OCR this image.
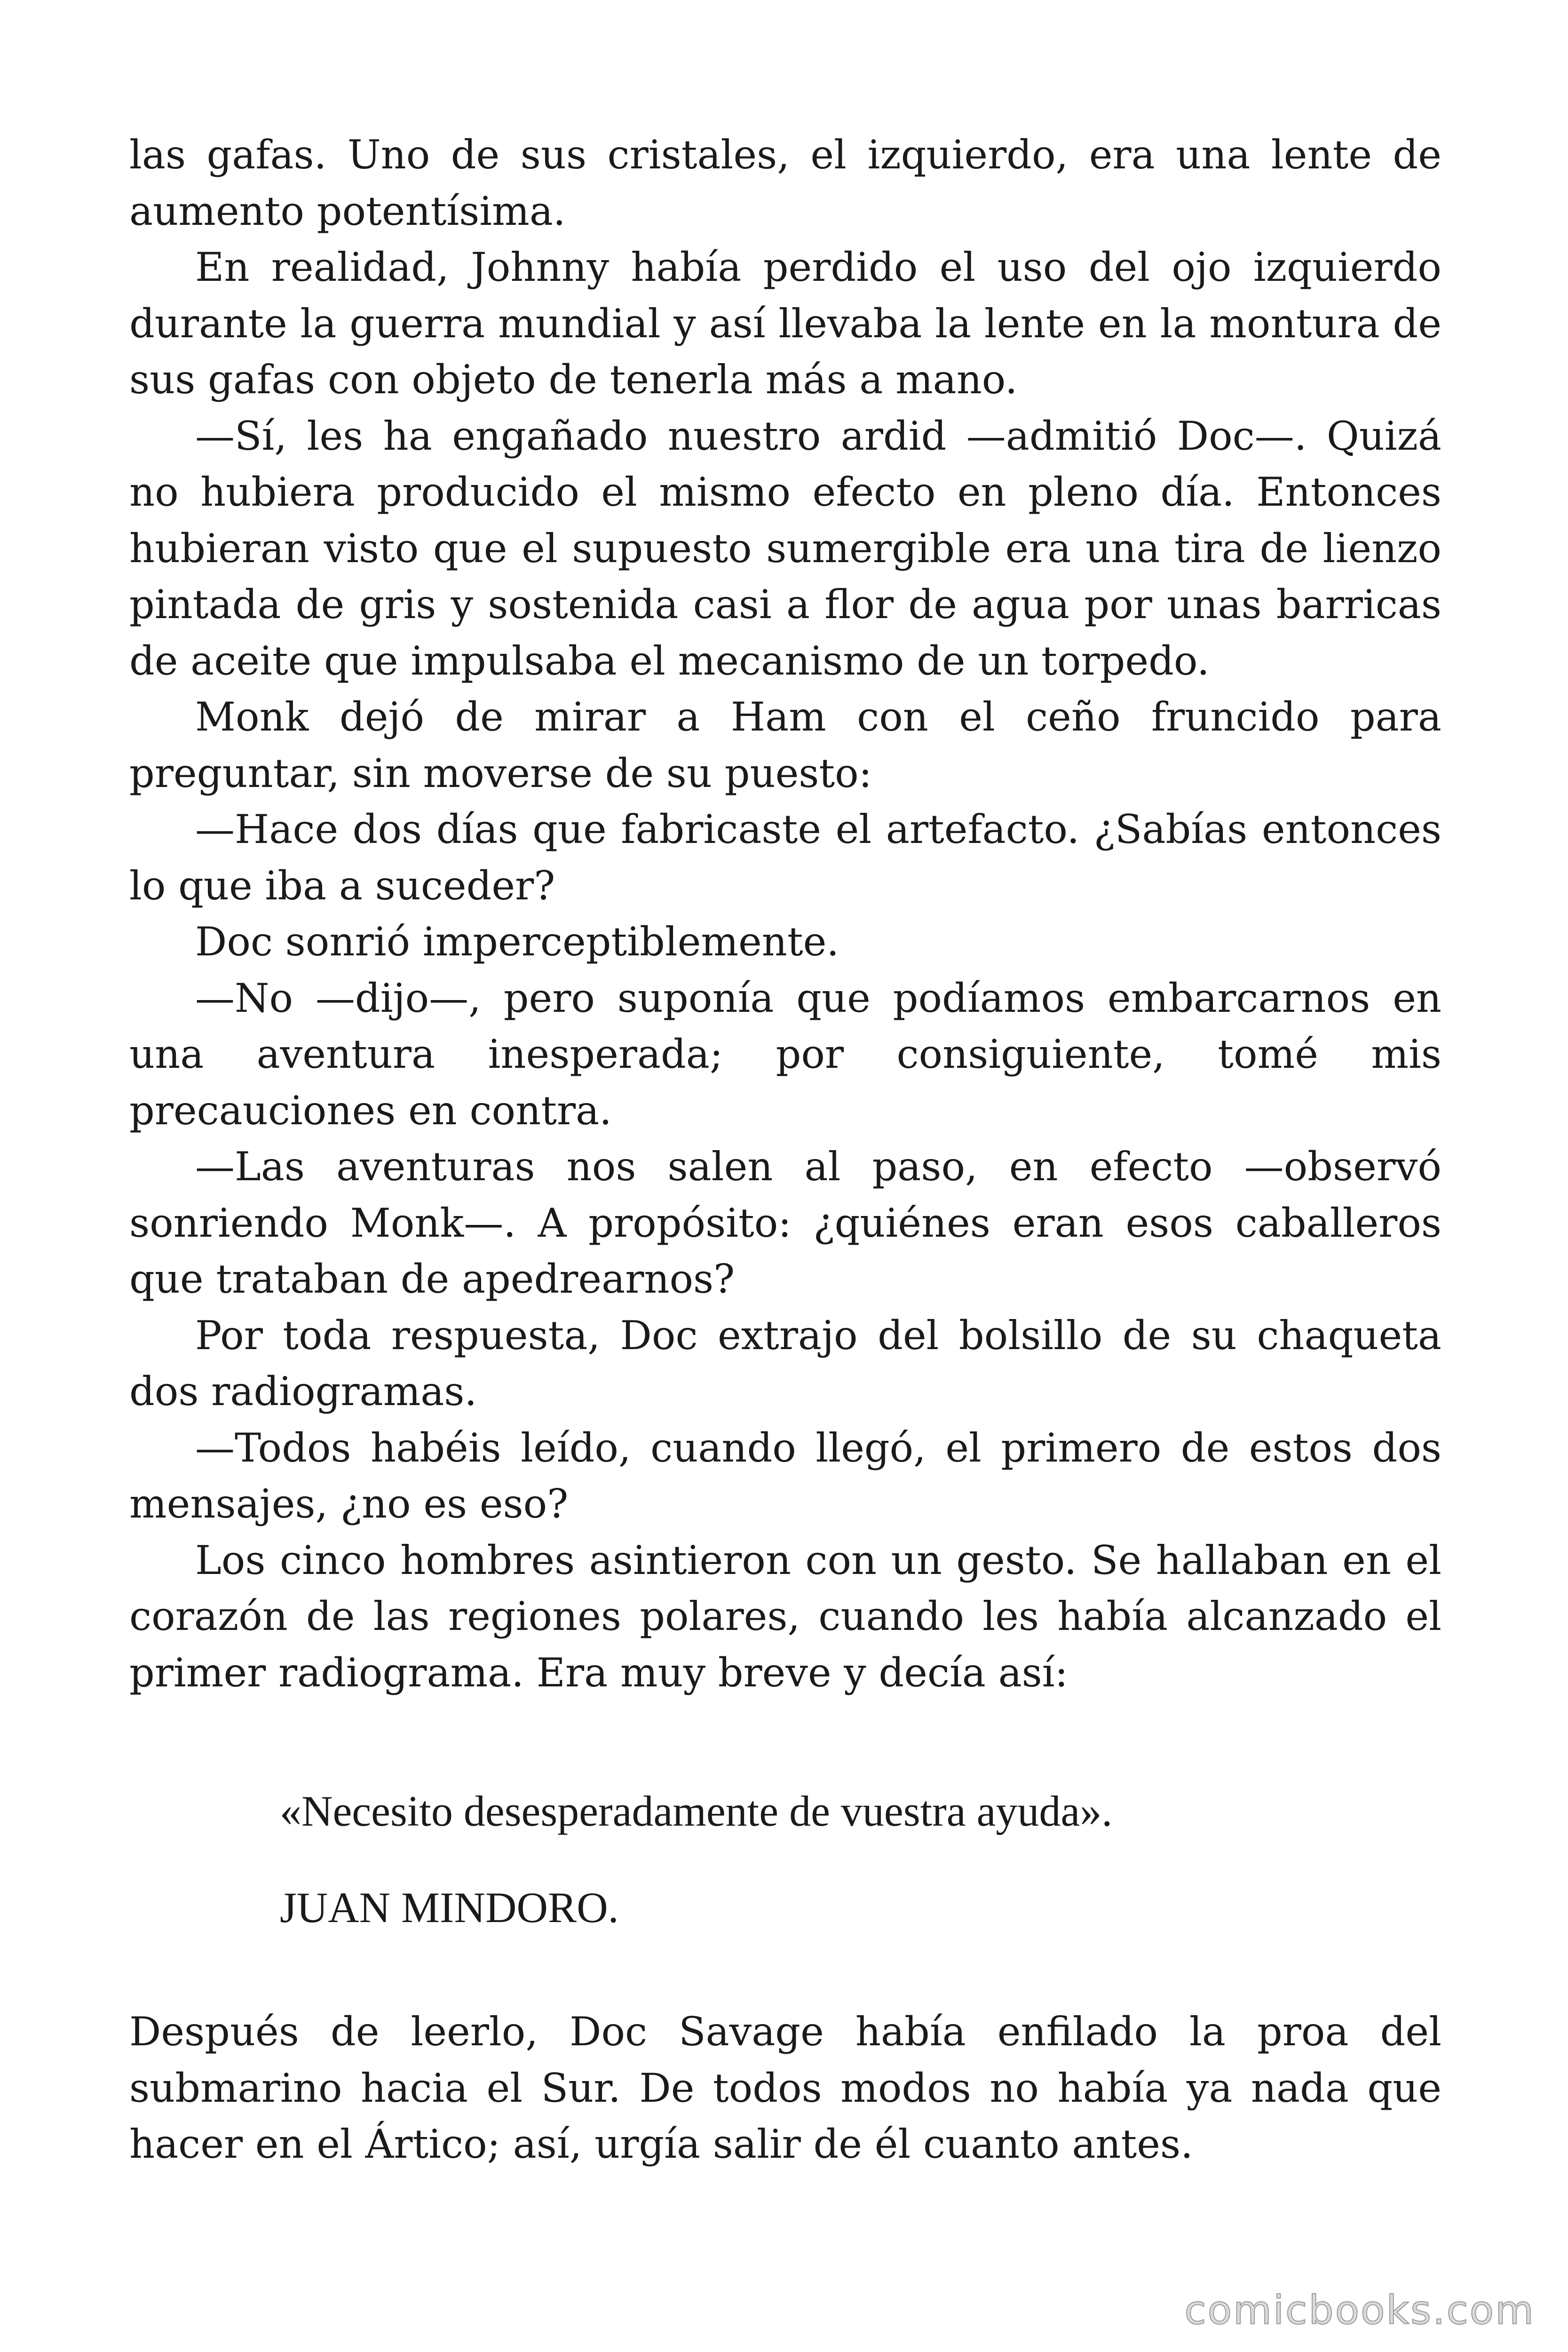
las gafas. Uno de sus cristales, el izquierdo, era una lente de aumento potentísima.

En realidad, Johnny había perdido el uso del ojo izquierdo durante la guerra mundial y así llevaba la lente en la montura de sus gafas con objeto de tenerla más a mano.

—Sí, les ha engañado nuestro ardid —admitió Doc—. Quizá no hubiera producido el mismo efecto en pleno día. Entonces hubieran visto que el supuesto sumergible era una tira de lienzo pintada de gris y sostenida casi a flor de agua por unas barricas de aceite que impulsaba el mecanismo de un torpedo.

Monk dejó de mirar a Ham con el ceño fruncido para preguntar, sin moverse de su puesto:

—Hace dos días que fabricaste el artefacto. ¿Sabías entonces lo que iba a suceder?

Doc sonrió imperceptiblemente.

—No —dijo—, pero suponía que podíamos embarcarnos en una aventura inesperada; por consiguiente, tomé mis precauciones en contra.

—Las aventuras nos salen al paso, en efecto —observó sonriendo Monk—. A propósito: ¿quiénes eran esos caballeros que trataban de apedrearnos?

Por toda respuesta, Doc extrajo del bolsillo de su chaqueta dos radiogramas.

—Todos habéis leído, cuando llegó, el primero de estos dos mensajes, ¿no es eso?

Los cinco hombres asintieron con un gesto. Se hallaban en el corazón de las regiones polares, cuando les había alcanzado el primer radiograma. Era muy breve y decía así:

«Necesito desesperadamente de vuestra ayuda».

JUAN MINDORO.

Después de leerlo, Doc Savage había enfilado la proa del submarino hacia el Sur. De todos modos no había ya nada que hacer en el Ártico; así, urgía salir de él cuanto antes.

comicbooks.com
